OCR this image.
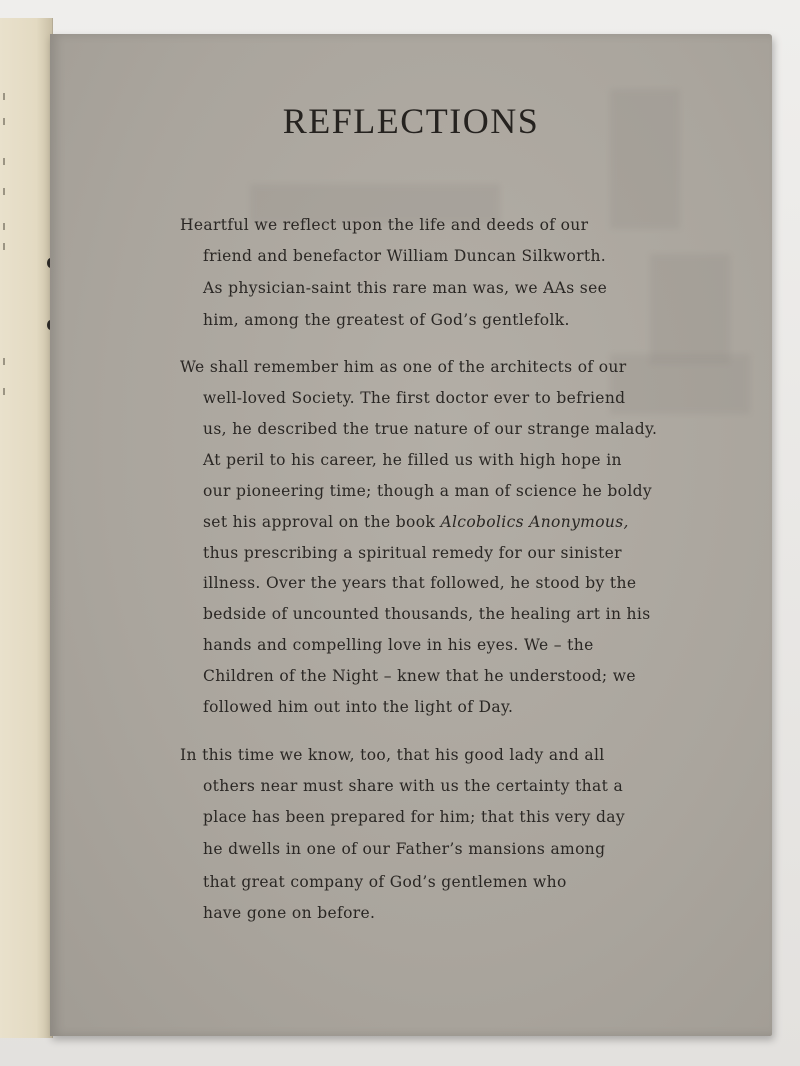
REFLECTIONS
Heartful we reflect upon the life and deeds of our
friend and benefactor William Duncan Silkworth.
As physician-saint this rare man was, we AAs see
him, among the greatest of God’s gentlefolk.
We shall remember him as one of the architects of our
well-loved Society. The first doctor ever to befriend
us, he described the true nature of our strange malady.
At peril to his career, he filled us with high hope in
our pioneering time; though a man of science he boldy
set his approval on the book Alcobolics Anonymous,
thus prescribing a spiritual remedy for our sinister
illness. Over the years that followed, he stood by the
bedside of uncounted thousands, the healing art in his
hands and compelling love in his eyes. We – the
Children of the Night – knew that he understood; we
followed him out into the light of Day.
In this time we know, too, that his good lady and all
others near must share with us the certainty that a
place has been prepared for him; that this very day
he dwells in one of our Father’s mansions among
that great company of God’s gentlemen who
have gone on before.
